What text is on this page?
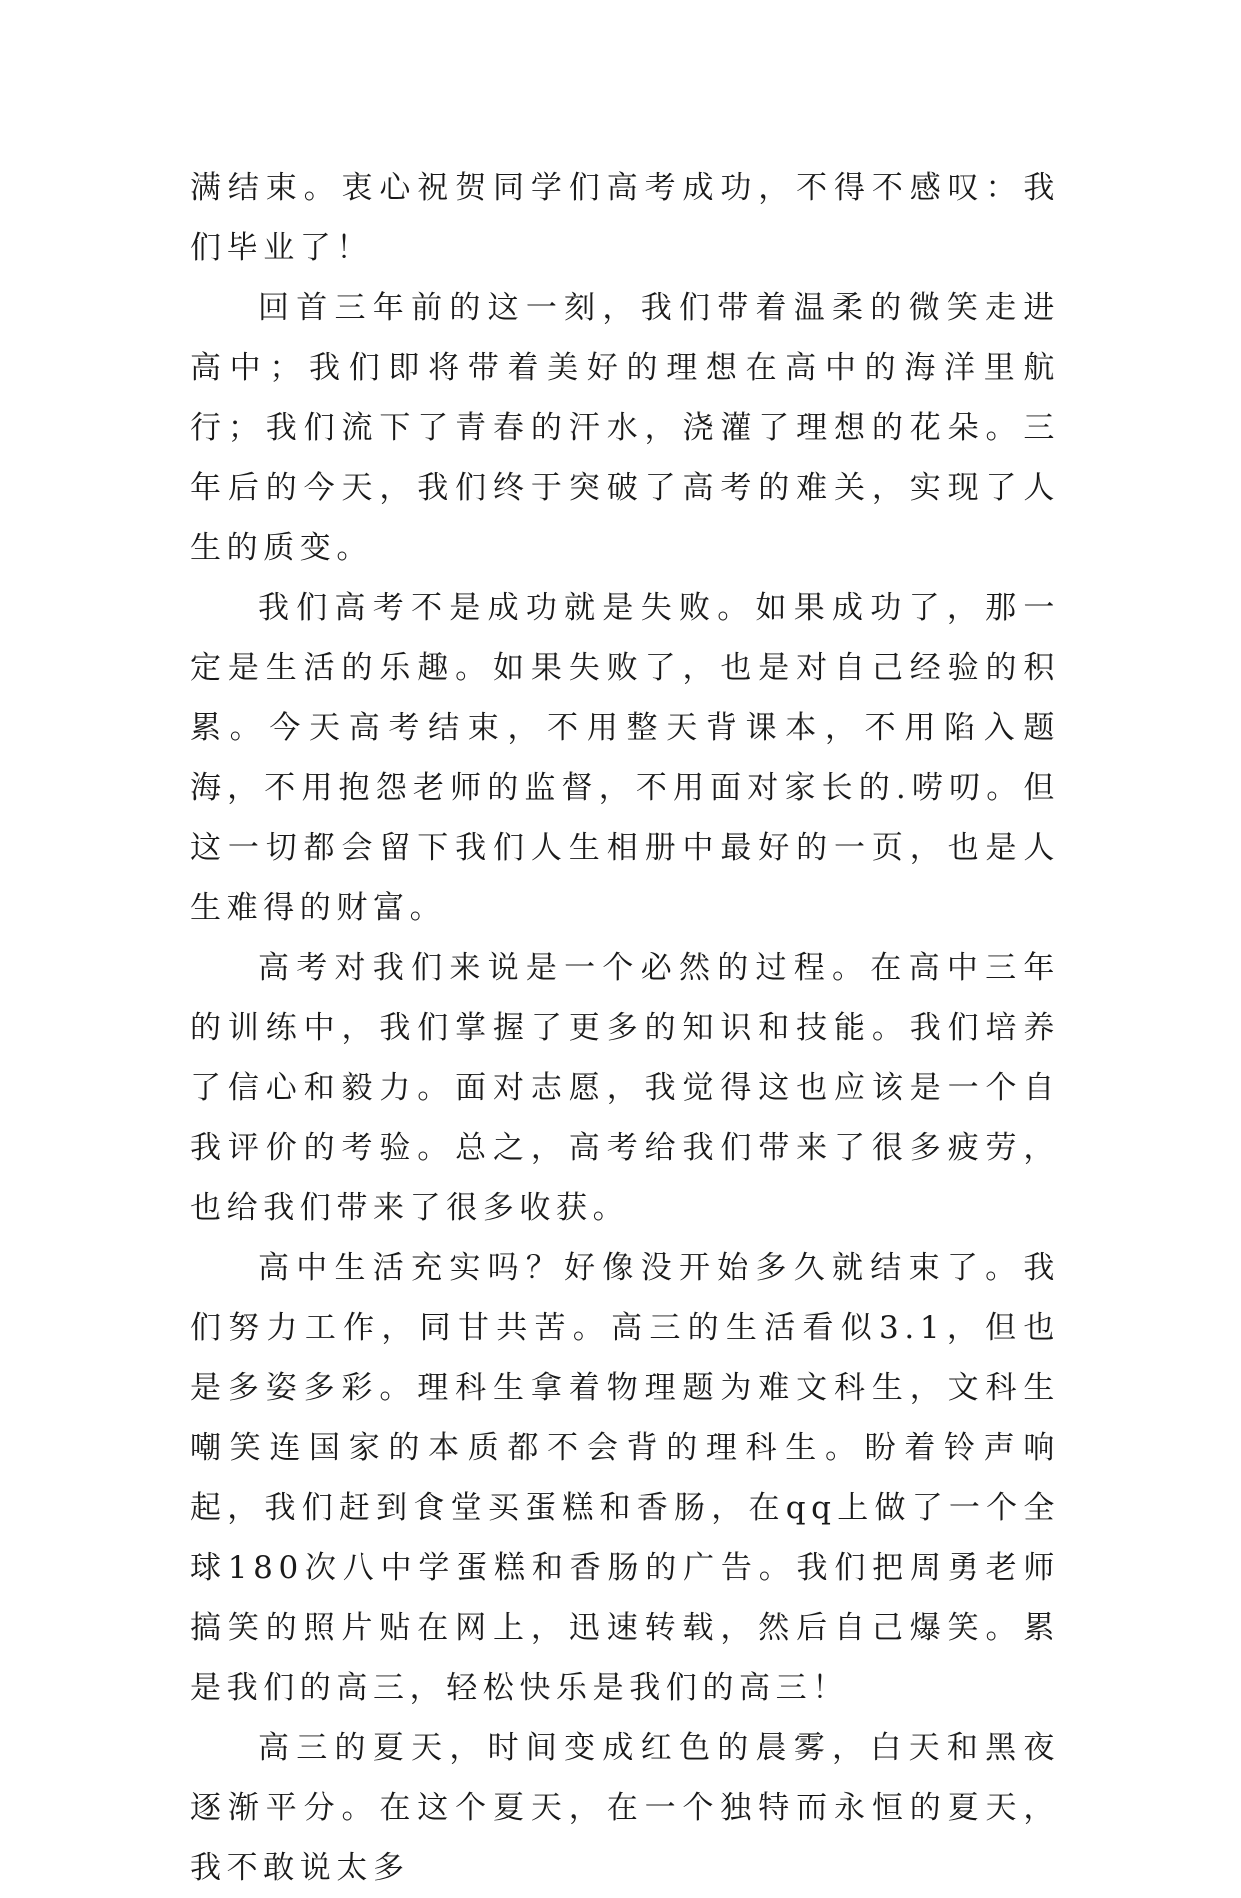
满结束。衷心祝贺同学们高考成功，不得不感叹：我们毕业了！

回首三年前的这一刻，我们带着温柔的微笑走进高中；我们即将带着美好的理想在高中的海洋里航行；我们流下了青春的汗水，浇灌了理想的花朵。三年后的今天，我们终于突破了高考的难关，实现了人生的质变。

我们高考不是成功就是失败。如果成功了，那一定是生活的乐趣。如果失败了，也是对自己经验的积累。今天高考结束，不用整天背课本，不用陷入题海，不用抱怨老师的监督，不用面对家长的.唠叨。但这一切都会留下我们人生相册中最好的一页，也是人生难得的财富。

高考对我们来说是一个必然的过程。在高中三年的训练中，我们掌握了更多的知识和技能。我们培养了信心和毅力。面对志愿，我觉得这也应该是一个自我评价的考验。总之，高考给我们带来了很多疲劳，也给我们带来了很多收获。

高中生活充实吗？好像没开始多久就结束了。我们努力工作，同甘共苦。高三的生活看似3.1，但也是多姿多彩。理科生拿着物理题为难文科生，文科生嘲笑连国家的本质都不会背的理科生。盼着铃声响起，我们赶到食堂买蛋糕和香肠，在qq上做了一个全球180次八中学蛋糕和香肠的广告。我们把周勇老师搞笑的照片贴在网上，迅速转载，然后自己爆笑。累是我们的高三，轻松快乐是我们的高三！

高三的夏天，时间变成红色的晨雾，白天和黑夜逐渐平分。在这个夏天，在一个独特而永恒的夏天，我不敢说太多
